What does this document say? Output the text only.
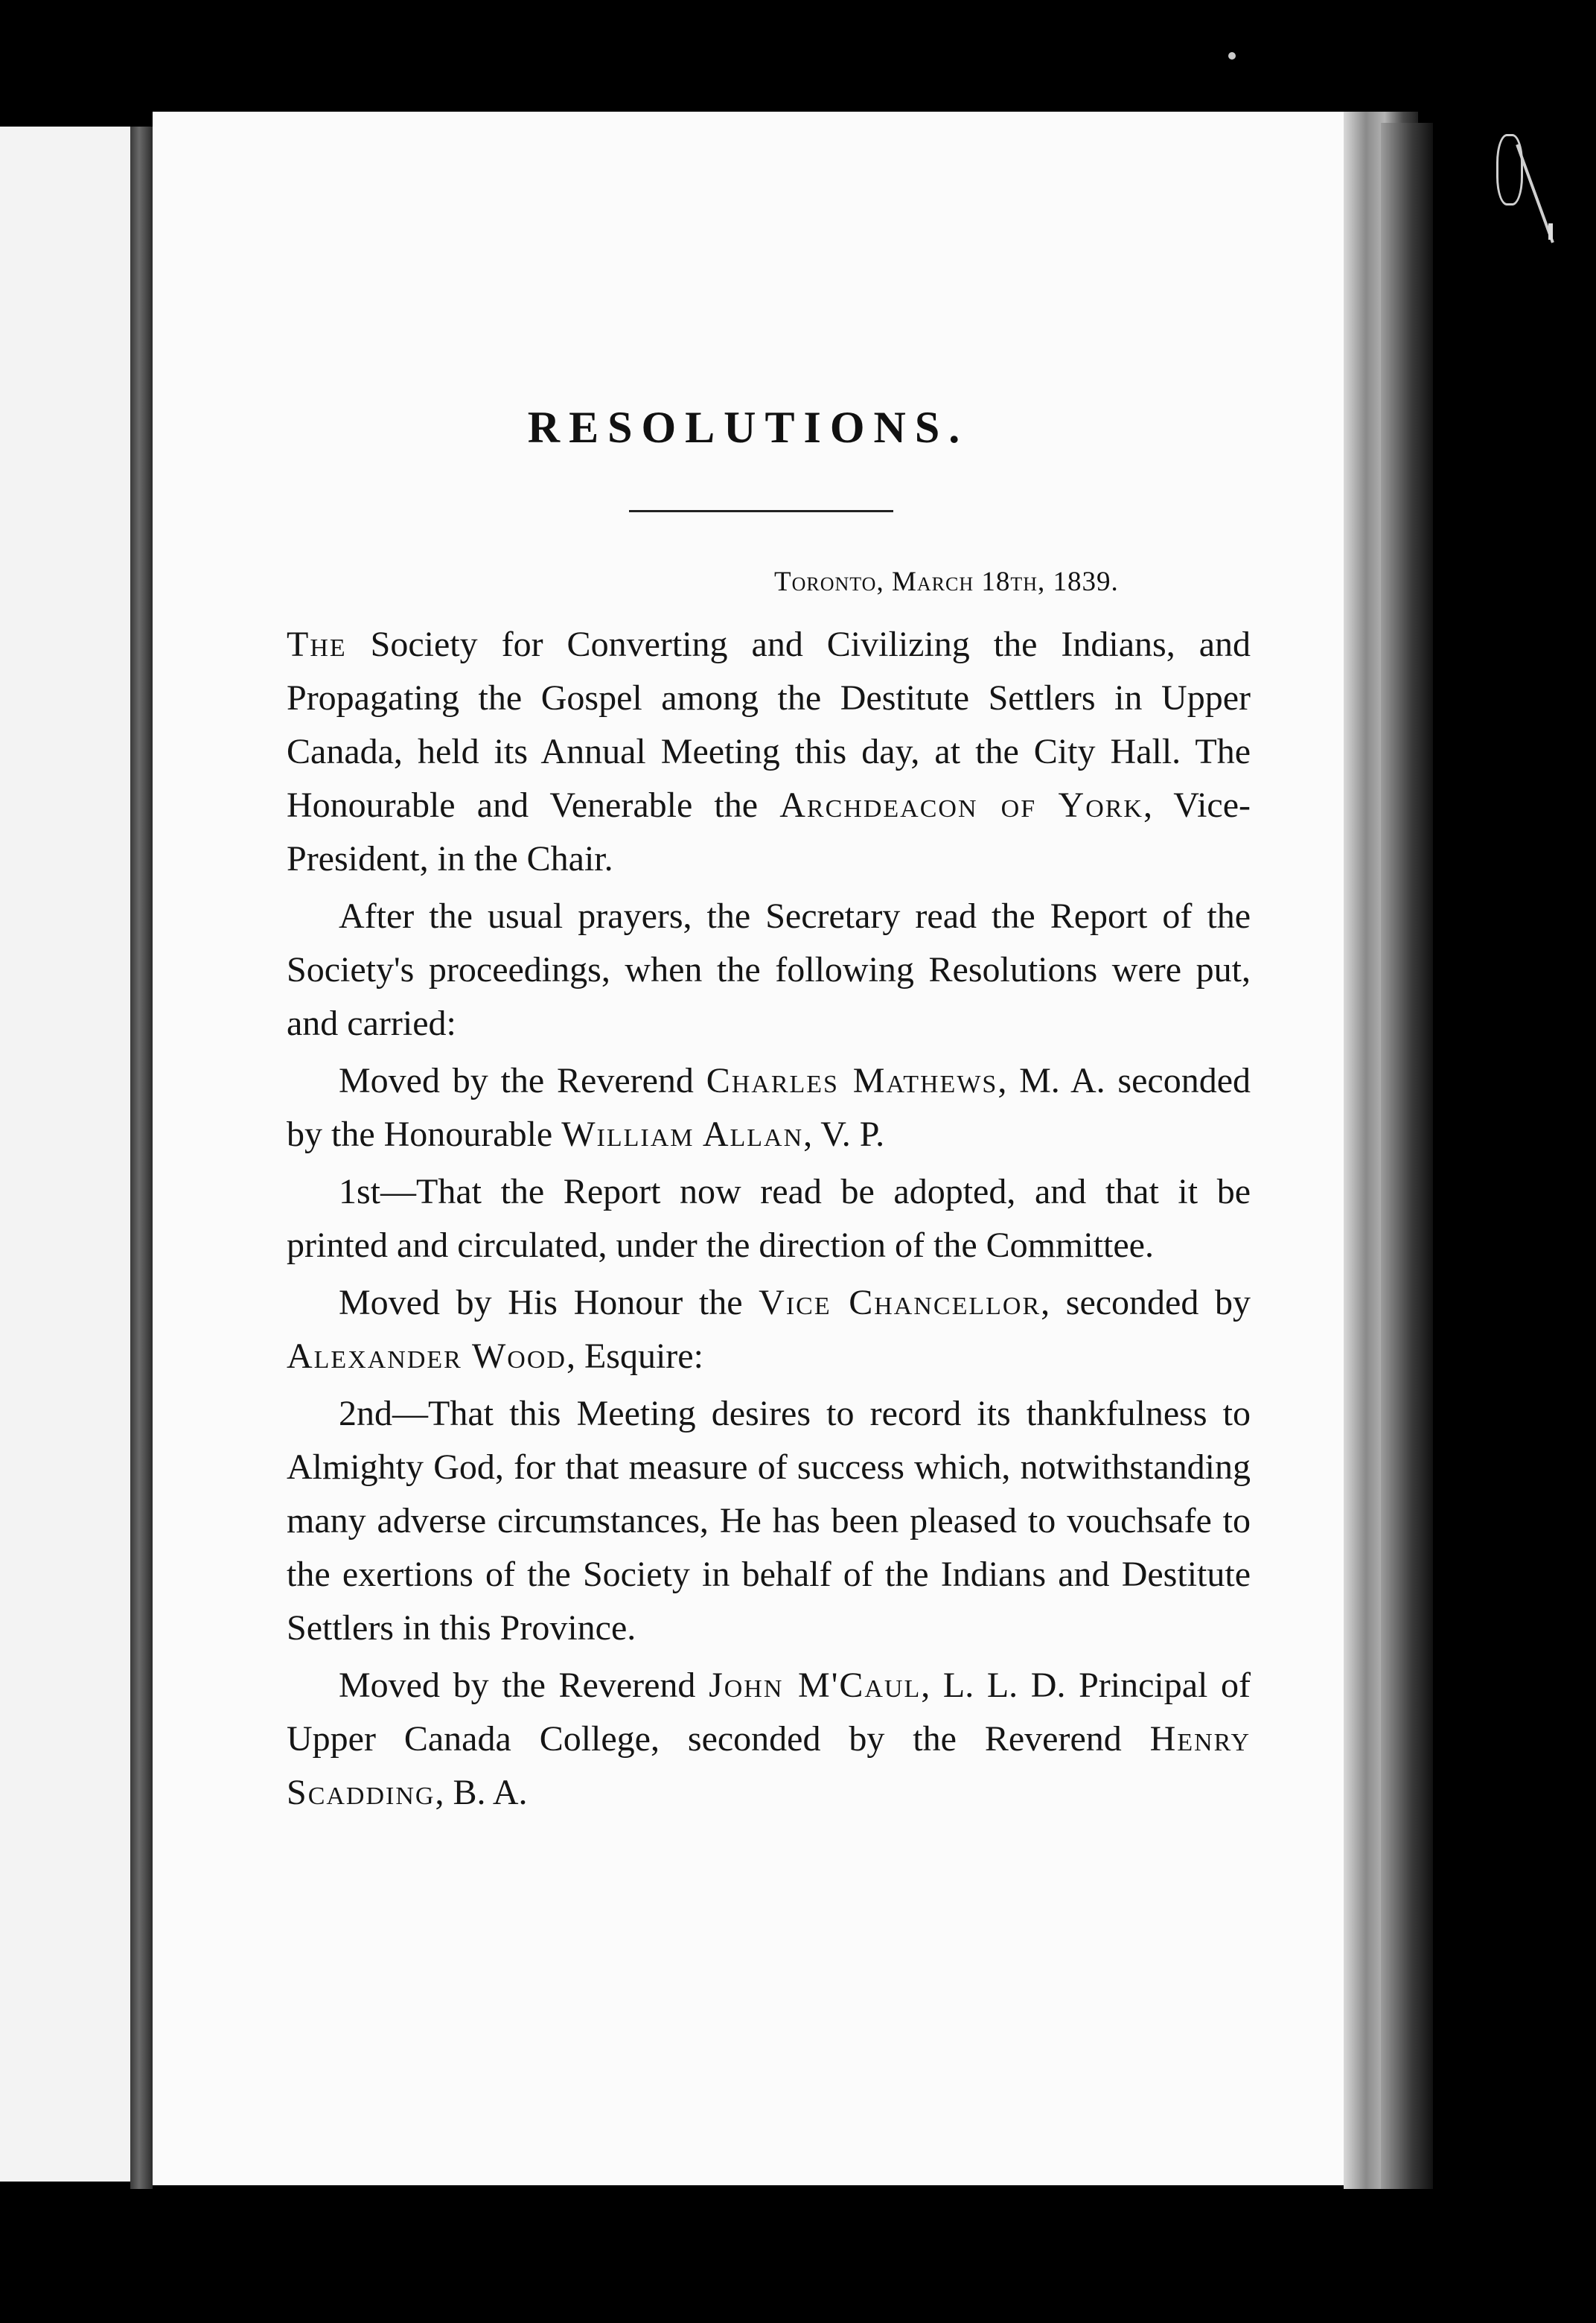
RESOLUTIONS.
Toronto, March 18th, 1839.

The Society for Converting and Civilizing the Indians, and Propagating the Gospel among the Destitute Settlers in Upper Canada, held its Annual Meeting this day, at the City Hall. The Honourable and Venerable the Archdeacon of York, Vice-President, in the Chair.

After the usual prayers, the Secretary read the Report of the Society's proceedings, when the following Resolutions were put, and carried:

Moved by the Reverend Charles Mathews, M. A. seconded by the Honourable William Allan, V. P.

1st—That the Report now read be adopted, and that it be printed and circulated, under the direction of the Committee.

Moved by His Honour the Vice Chancellor, seconded by Alexander Wood, Esquire:

2nd—That this Meeting desires to record its thankfulness to Almighty God, for that measure of success which, notwithstanding many adverse circumstances, He has been pleased to vouchsafe to the exertions of the Society in behalf of the Indians and Destitute Settlers in this Province.

Moved by the Reverend John M'Caul, L. L. D. Principal of Upper Canada College, seconded by the Reverend Henry Scadding, B. A.
